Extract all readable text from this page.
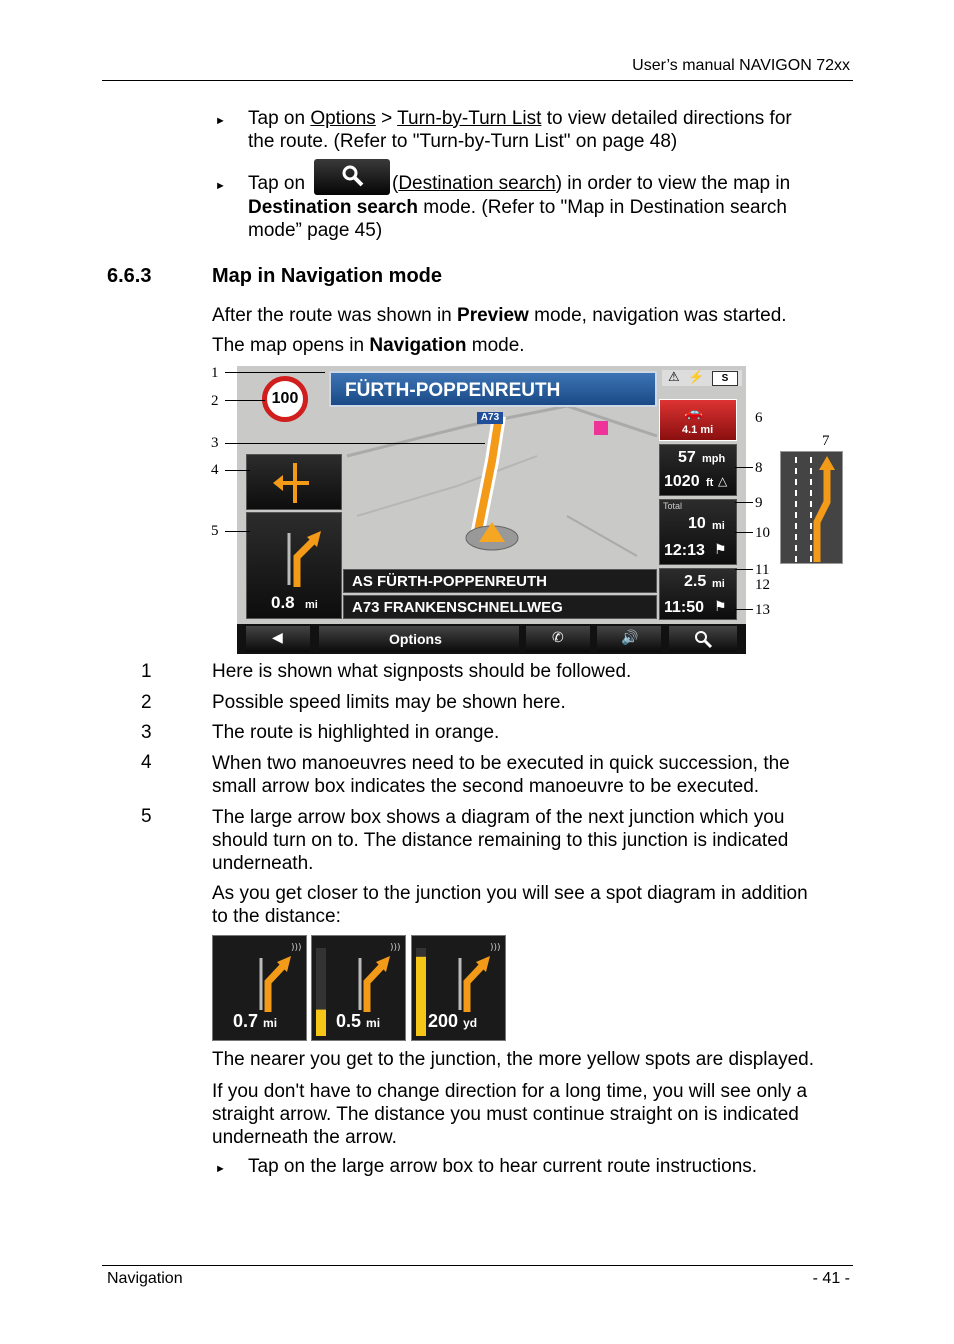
User’s manual NAVIGON 72xx
► Tap on Options > Turn-by-Turn List to view detailed directions for
the route. (Refer to "Turn-by-Turn List" on page 48)
► Tap on	(Destination search) in order to view the map in
Destination search mode. (Refer to "Map in Destination search
mode” page 45)
6.6.3	Map in Navigation mode
After the route was shown in Preview mode, navigation was started.
The map opens in Navigation mode.
FÜRTH-POPPENREUTH
100
A73
⚠ ⚡	S
🚗
4.1 mi
57 mph
1020 ft △
Total
10 mi
12:13 ⚑
2.5 mi
11:50 ⚑
AS FÜRTH-POPPENREUTH
A73 FRANKENSCHNELLWEG
0.8 mi
◀	Options	✆	🔊
1
2
3
4
5
6
7
8
9
10
11
12
13
1	Here is shown what signposts should be followed.
2	Possible speed limits may be shown here.
3	The route is highlighted in orange.
4	When two manoeuvres need to be executed in quick succession, the
small arrow box indicates the second manoeuvre to be executed.
5	The large arrow box shows a diagram of the next junction which you
should turn on to. The distance remaining to this junction is indicated
underneath.
As you get closer to the junction you will see a spot diagram in addition
to the distance:
)))
0.7 mi
)))
0.5 mi
)))
200 yd
The nearer you get to the junction, the more yellow spots are displayed.
If you don't have to change direction for a long time, you will see only a
straight arrow. The distance you must continue straight on is indicated
underneath the arrow.
► Tap on the large arrow box to hear current route instructions.
Navigation	- 41 -
